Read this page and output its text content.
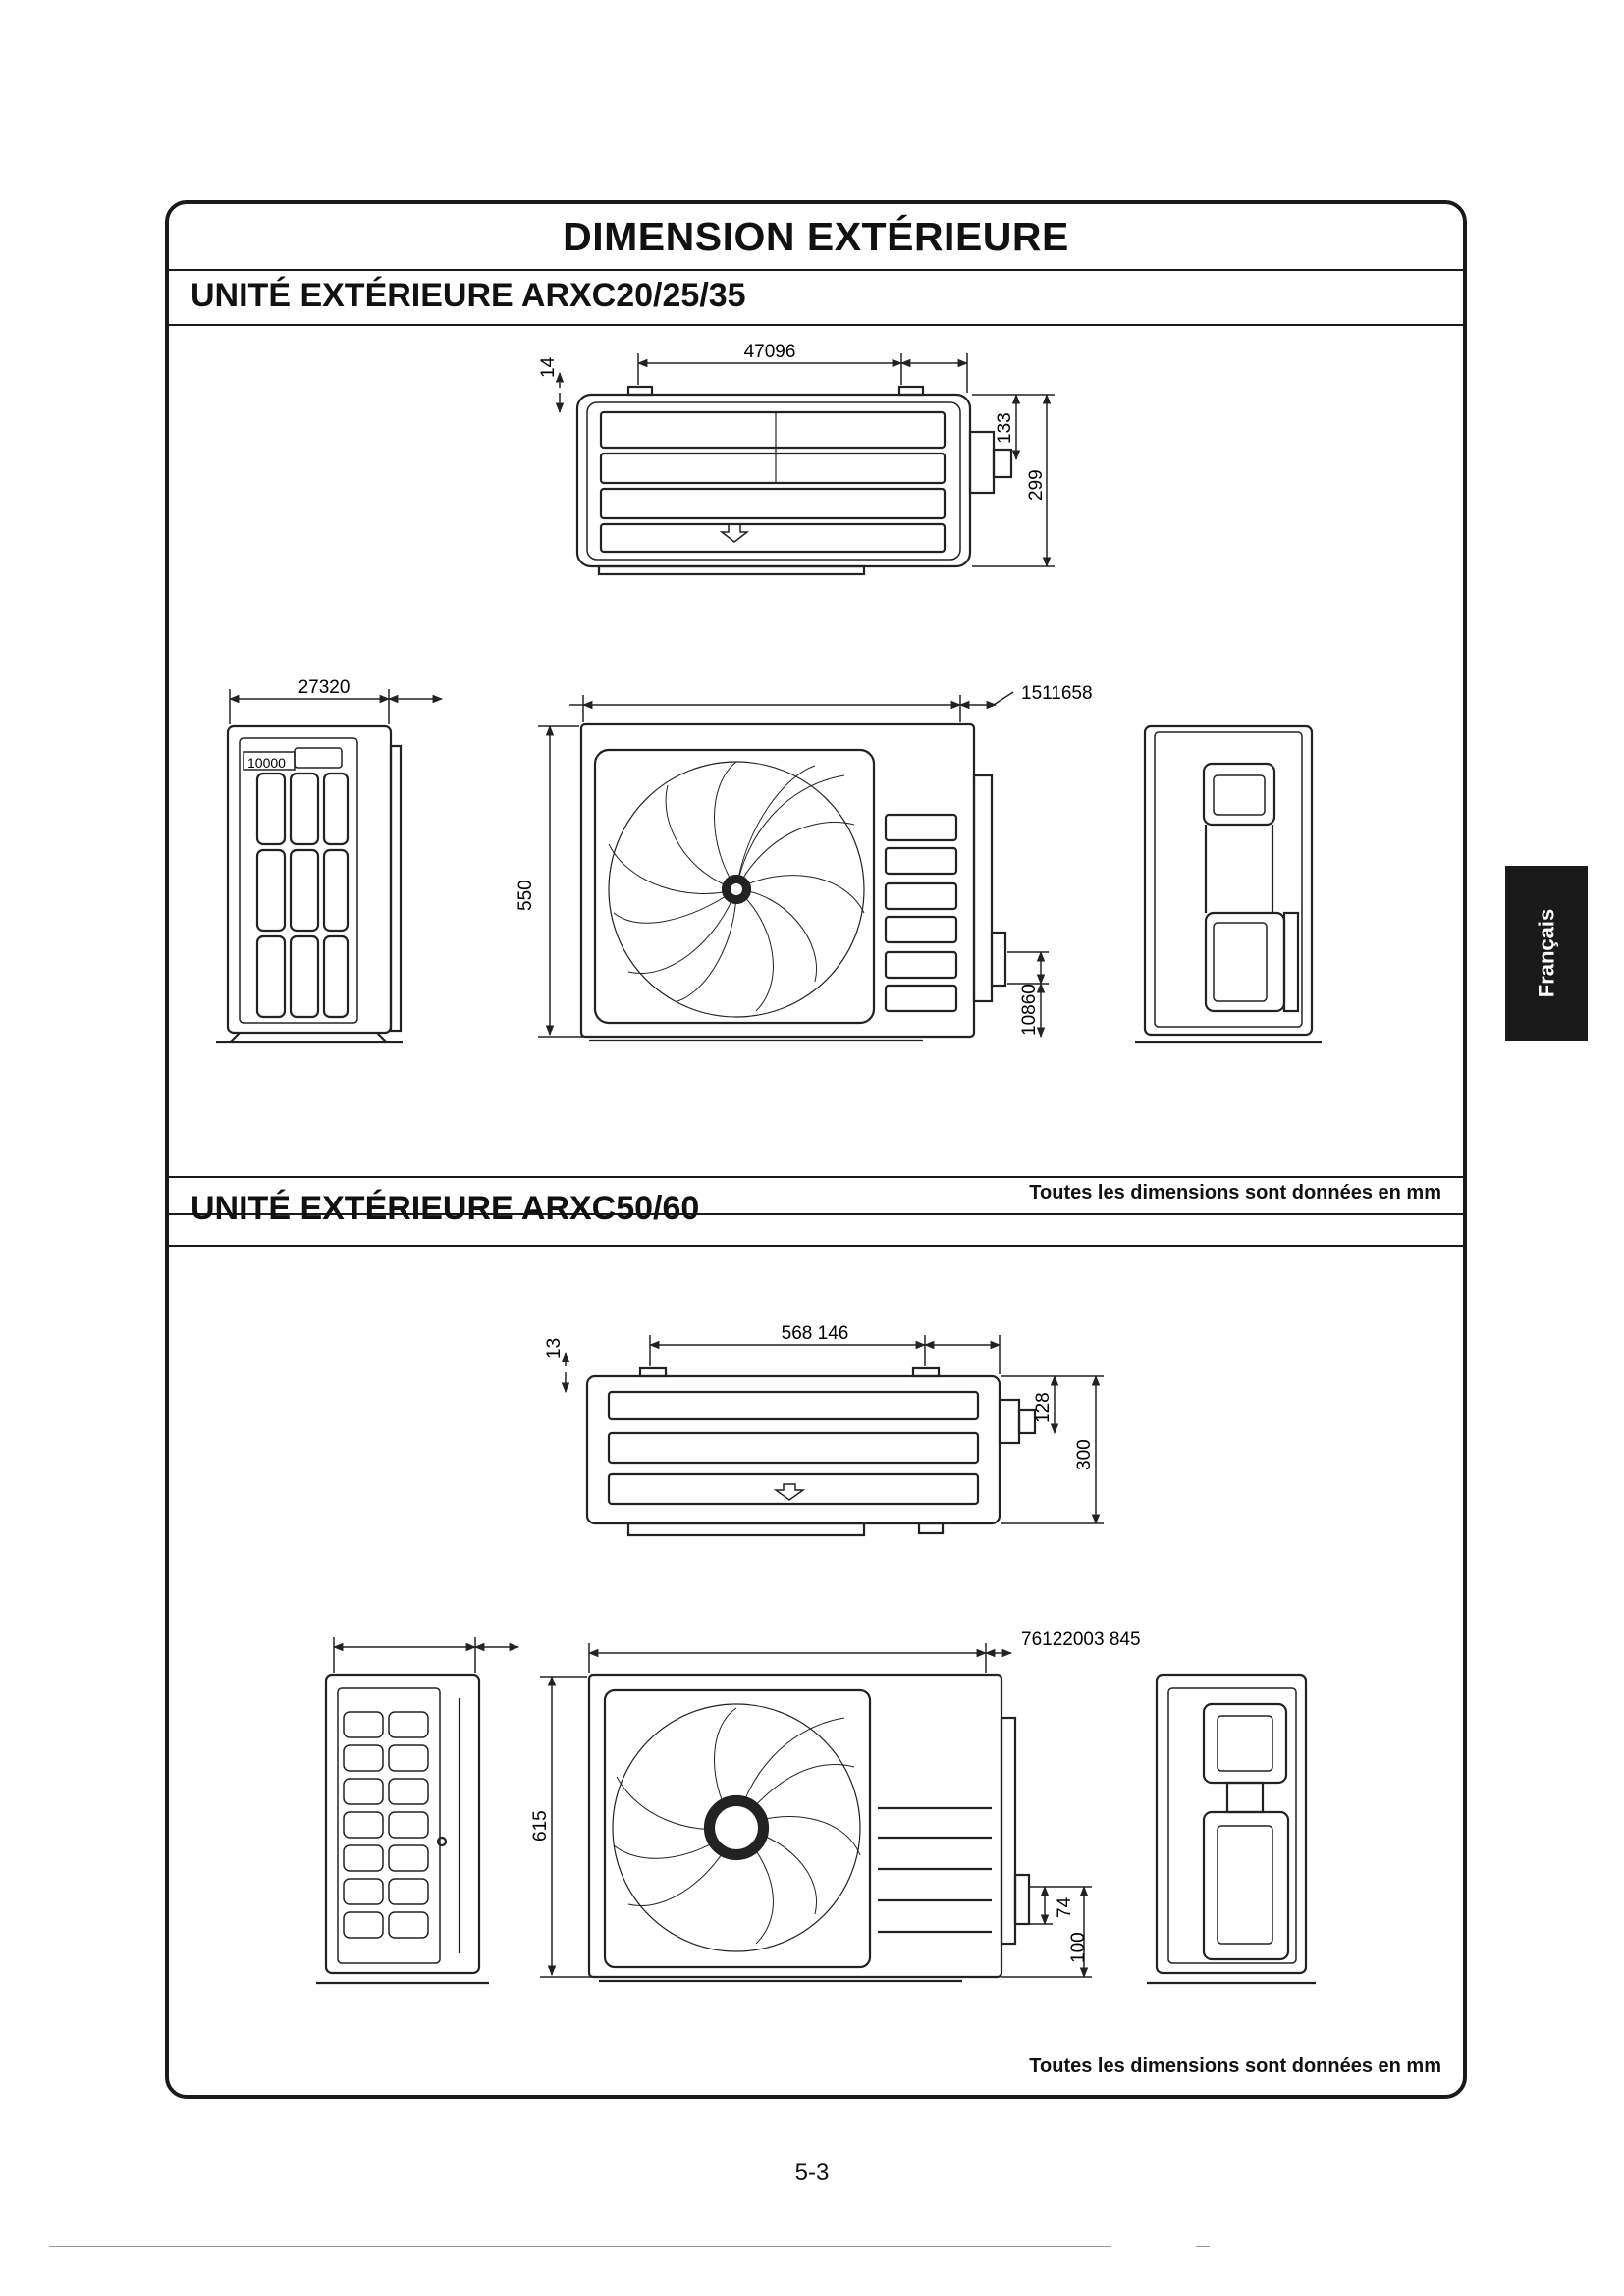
DIMENSION EXTÉRIEURE
UNITÉ EXTÉRIEURE ARXC20/25/35
Toutes les dimensions sont données en mm
UNITÉ EXTÉRIEURE ARXC50/60
Toutes les dimensions sont données en mm
47096
14
133
299
27320
10000
550
1511658
10860
568 146
13
128
300
615
76122003 845
74
100
Français
5-3
